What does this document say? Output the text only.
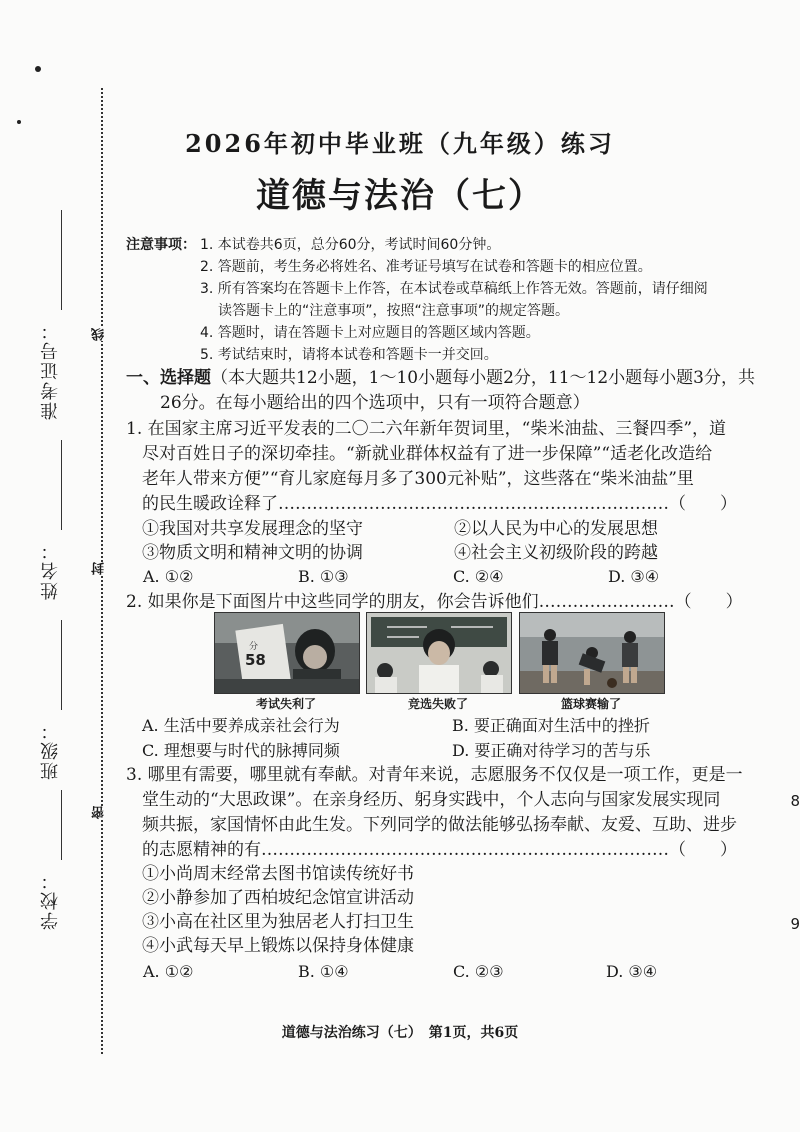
准考证号：
姓名：
班级：
学校：
线
封
密
8
9
2026年初中毕业班（九年级）练习
道德与法治（七）
注意事项： 1. 本试卷共6页，总分60分，考试时间60分钟。
2. 答题前，考生务必将姓名、准考证号填写在试卷和答题卡的相应位置。
3. 所有答案均在答题卡上作答，在本试卷或草稿纸上作答无效。答题前，请仔细阅
读答题卡上的“注意事项”，按照“注意事项”的规定答题。
4. 答题时，请在答题卡上对应题目的答题区域内答题。
5. 考试结束时，请将本试卷和答题卡一并交回。
一、选择题（本大题共12小题，1～10小题每小题2分，11～12小题每小题3分，共
26分。在每小题给出的四个选项中，只有一项符合题意）
1. 在国家主席习近平发表的二〇二六年新年贺词里，“柴米油盐、三餐四季”，道
尽对百姓日子的深切牵挂。“新就业群体权益有了进一步保障”“适老化改造给
老年人带来方便”“育儿家庭每月多了300元补贴”，这些落在“柴米油盐”里
的民生暖政诠释了……………………………………………………………（　　）
①我国对共享发展理念的坚守	②以人民为中心的发展思想
③物质文明和精神文明的协调	④社会主义初级阶段的跨越
A. ①②	B. ①③	C. ②④	D. ③④
2. 如果你是下面图片中这些同学的朋友，你会告诉他们……………………（　　）
分
58
考试失利了	竞选失败了	篮球赛输了
A. 生活中要养成亲社会行为	B. 要正确面对生活中的挫折
C. 理想要与时代的脉搏同频	D. 要正确对待学习的苦与乐
3. 哪里有需要，哪里就有奉献。对青年来说，志愿服务不仅仅是一项工作，更是一
堂生动的“大思政课”。在亲身经历、躬身实践中，个人志向与国家发展实现同
频共振，家国情怀由此生发。下列同学的做法能够弘扬奉献、友爱、互助、进步
的志愿精神的有………………………………………………………………（　　）
①小尚周末经常去图书馆读传统好书
②小静参加了西柏坡纪念馆宣讲活动
③小高在社区里为独居老人打扫卫生
④小武每天早上锻炼以保持身体健康
A. ①②	B. ①④	C. ②③	D. ③④
道德与法治练习（七）　第1页，共6页
